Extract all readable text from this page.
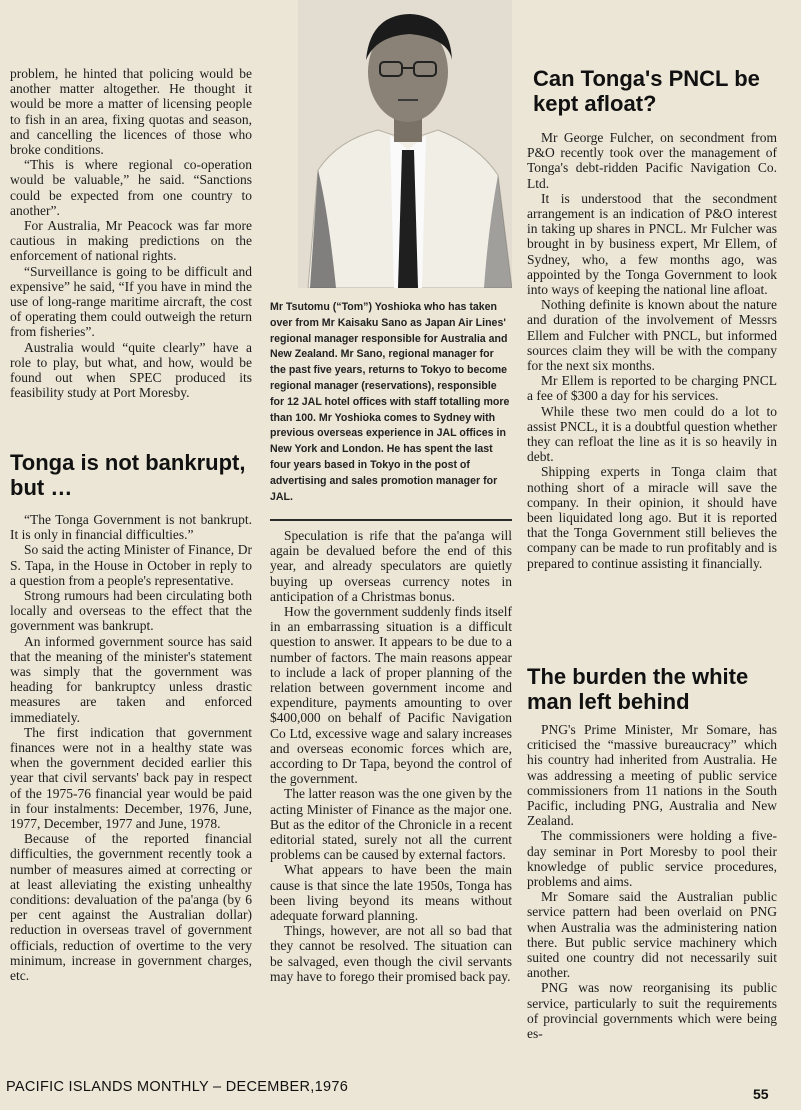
problem, he hinted that policing would be another matter altogether. He thought it would be more a matter of licensing people to fish in an area, fixing quotas and season, and cancelling the licences of those who broke conditions.

“This is where regional co-operation would be valuable,” he said. “Sanctions could be expected from one country to another”.

For Australia, Mr Peacock was far more cautious in making predictions on the enforcement of national rights.

“Surveillance is going to be difficult and expensive” he said, “If you have in mind the use of long-range maritime aircraft, the cost of operating them could outweigh the return from fisheries”.

Australia would “quite clearly” have a role to play, but what, and how, would be found out when SPEC produced its feasibility study at Port Moresby.

Tonga is not bankrupt, but …

“The Tonga Government is not bankrupt. It is only in financial difficulties.”

So said the acting Minister of Finance, Dr S. Tapa, in the House in October in reply to a question from a people's representative.

Strong rumours had been circulating both locally and overseas to the effect that the government was bankrupt.

An informed government source has said that the meaning of the minister's statement was simply that the government was heading for bankruptcy unless drastic measures are taken and enforced immediately.

The first indication that government finances were not in a healthy state was when the government decided earlier this year that civil servants' back pay in respect of the 1975-76 financial year would be paid in four instalments: December, 1976, June, 1977, December, 1977 and June, 1978.

Because of the reported financial difficulties, the government recently took a number of measures aimed at correcting or at least alleviating the existing unhealthy conditions: devaluation of the pa'anga (by 6 per cent against the Australian dollar) reduction in overseas travel of government officials, reduction of overtime to the very minimum, increase in government charges, etc.

Mr Tsutomu (“Tom”) Yoshioka who has taken over from Mr Kaisaku Sano as Japan Air Lines' regional manager responsible for Australia and New Zealand. Mr Sano, regional manager for the past five years, returns to Tokyo to become regional manager (reservations), responsible for 12 JAL hotel offices with staff totalling more than 100. Mr Yoshioka comes to Sydney with previous overseas experience in JAL offices in New York and London. He has spent the last four years based in Tokyo in the post of advertising and sales promotion manager for JAL.

Speculation is rife that the pa'anga will again be devalued before the end of this year, and already speculators are quietly buying up overseas currency notes in anticipation of a Christmas bonus.

How the government suddenly finds itself in an embarrassing situation is a difficult question to answer. It appears to be due to a number of factors. The main reasons appear to include a lack of proper planning of the relation between government income and expenditure, payments amounting to over $400,000 on behalf of Pacific Navigation Co Ltd, excessive wage and salary increases and overseas economic forces which are, according to Dr Tapa, beyond the control of the government.

The latter reason was the one given by the acting Minister of Finance as the major one. But as the editor of the Chronicle in a recent editorial stated, surely not all the current problems can be caused by external factors.

What appears to have been the main cause is that since the late 1950s, Tonga has been living beyond its means without adequate forward planning.

Things, however, are not all so bad that they cannot be resolved. The situation can be salvaged, even though the civil servants may have to forego their promised back pay.

Can Tonga's PNCL be kept afloat?

Mr George Fulcher, on secondment from P&O recently took over the management of Tonga's debt-ridden Pacific Navigation Co. Ltd.

It is understood that the secondment arrangement is an indication of P&O interest in taking up shares in PNCL. Mr Fulcher was brought in by business expert, Mr Ellem, of Sydney, who, a few months ago, was appointed by the Tonga Government to look into ways of keeping the national line afloat.

Nothing definite is known about the nature and duration of the involvement of Messrs Ellem and Fulcher with PNCL, but informed sources claim they will be with the company for the next six months.

Mr Ellem is reported to be charging PNCL a fee of $300 a day for his services.

While these two men could do a lot to assist PNCL, it is a doubtful question whether they can refloat the line as it is so heavily in debt.

Shipping experts in Tonga claim that nothing short of a miracle will save the company. In their opinion, it should have been liquidated long ago. But it is reported that the Tonga Government still believes the company can be made to run profitably and is prepared to continue assisting it financially.

The burden the white man left behind

PNG's Prime Minister, Mr Somare, has criticised the “massive bureaucracy” which his country had inherited from Australia. He was addressing a meeting of public service commissioners from 11 nations in the South Pacific, including PNG, Australia and New Zealand.

The commissioners were holding a five-day seminar in Port Moresby to pool their knowledge of public service procedures, problems and aims.

Mr Somare said the Australian public service pattern had been overlaid on PNG when Australia was the administering nation there. But public service machinery which suited one country did not necessarily suit another.

PNG was now reorganising its public service, particularly to suit the requirements of provincial governments which were being es-

PACIFIC ISLANDS MONTHLY – DECEMBER,1976	55
